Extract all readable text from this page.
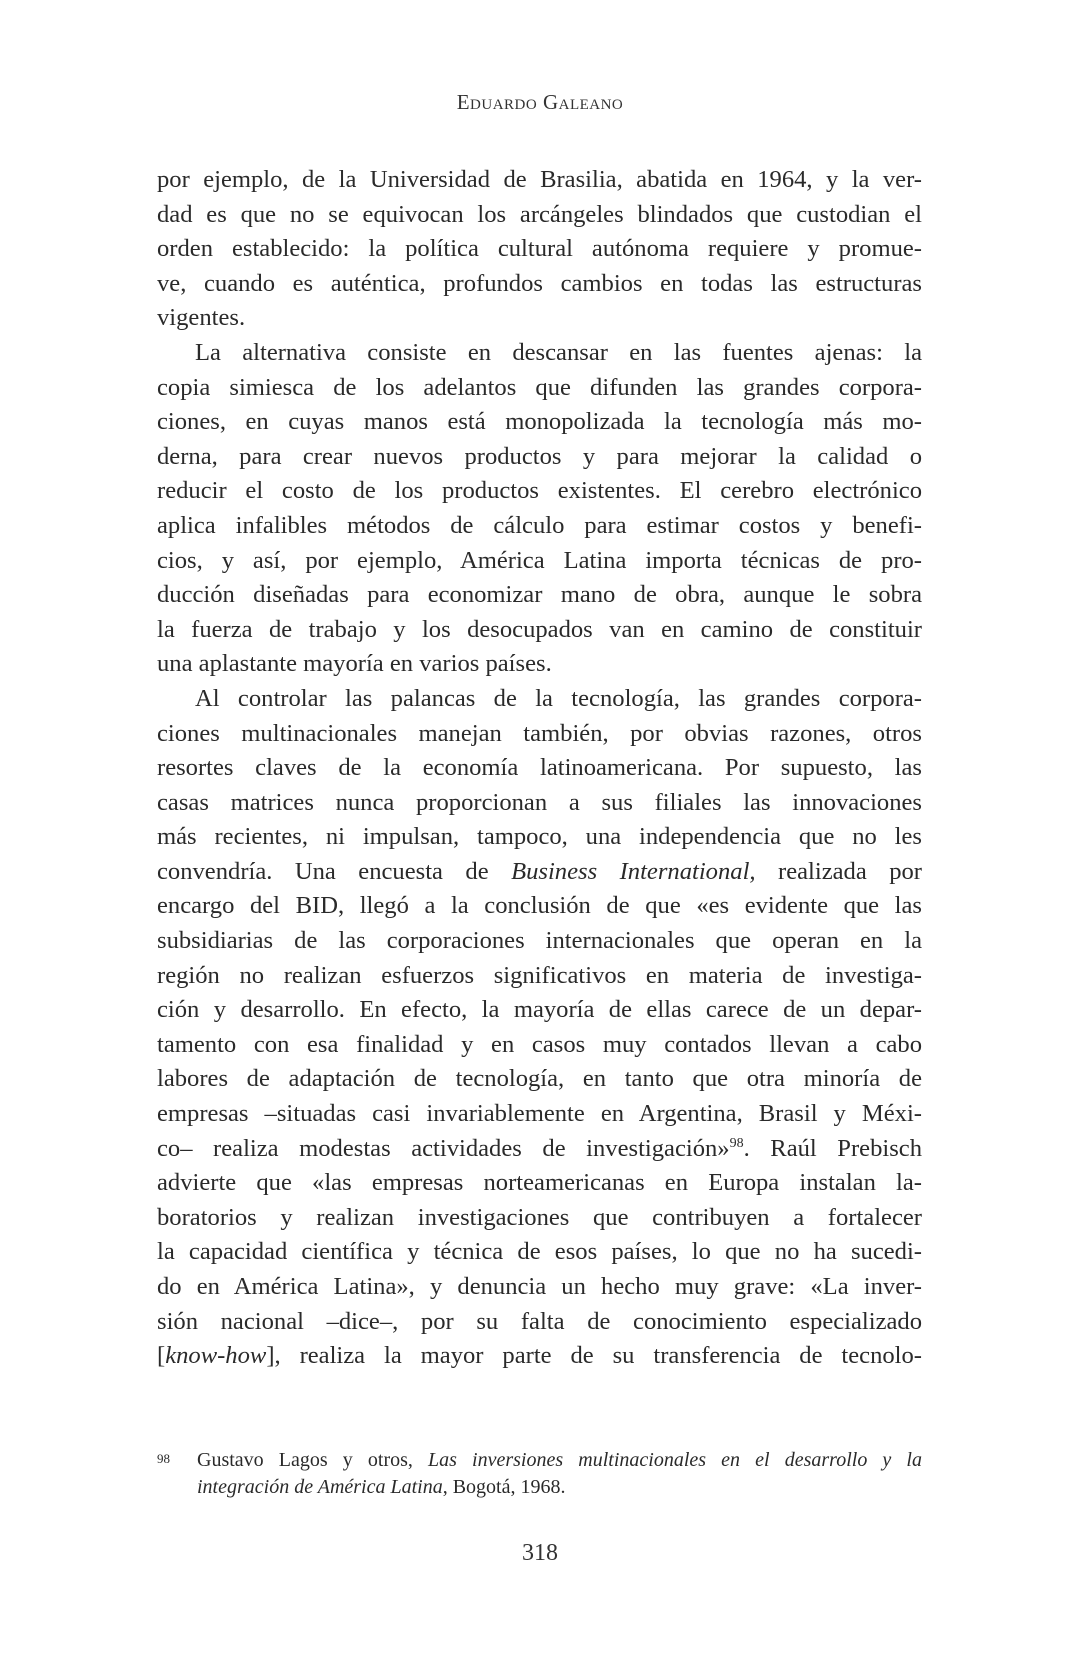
Eduardo Galeano

por ejemplo, de la Universidad de Brasilia, abatida en 1964, y la ver-
dad es que no se equivocan los arcángeles blindados que custodian el
orden establecido: la política cultural autónoma requiere y promue-
ve, cuando es auténtica, profundos cambios en todas las estructuras
vigentes.

La alternativa consiste en descansar en las fuentes ajenas: la
copia simiesca de los adelantos que difunden las grandes corpora-
ciones, en cuyas manos está monopolizada la tecnología más mo-
derna, para crear nuevos productos y para mejorar la calidad o
reducir el costo de los productos existentes. El cerebro electrónico
aplica infalibles métodos de cálculo para estimar costos y benefi-
cios, y así, por ejemplo, América Latina importa técnicas de pro-
ducción diseñadas para economizar mano de obra, aunque le sobra
la fuerza de trabajo y los desocupados van en camino de constituir
una aplastante mayoría en varios países.

Al controlar las palancas de la tecnología, las grandes corpora-
ciones multinacionales manejan también, por obvias razones, otros
resortes claves de la economía latinoamericana. Por supuesto, las
casas matrices nunca proporcionan a sus filiales las innovaciones
más recientes, ni impulsan, tampoco, una independencia que no les
convendría. Una encuesta de Business International, realizada por
encargo del BID, llegó a la conclusión de que «es evidente que las
subsidiarias de las corporaciones internacionales que operan en la
región no realizan esfuerzos significativos en materia de investiga-
ción y desarrollo. En efecto, la mayoría de ellas carece de un depar-
tamento con esa finalidad y en casos muy contados llevan a cabo
labores de adaptación de tecnología, en tanto que otra minoría de
empresas –situadas casi invariablemente en Argentina, Brasil y Méxi-
co– realiza modestas actividades de investigación»$^{98}$. Raúl Prebisch
advierte que «las empresas norteamericanas en Europa instalan la-
boratorios y realizan investigaciones que contribuyen a fortalecer
la capacidad científica y técnica de esos países, lo que no ha sucedi-
do en América Latina», y denuncia un hecho muy grave: «La inver-
sión nacional –dice–, por su falta de conocimiento especializado
[know-how], realiza la mayor parte de su transferencia de tecnolo-

98 Gustavo Lagos y otros, Las inversiones multinacionales en el desarrollo y la
integración de América Latina, Bogotá, 1968.
318
